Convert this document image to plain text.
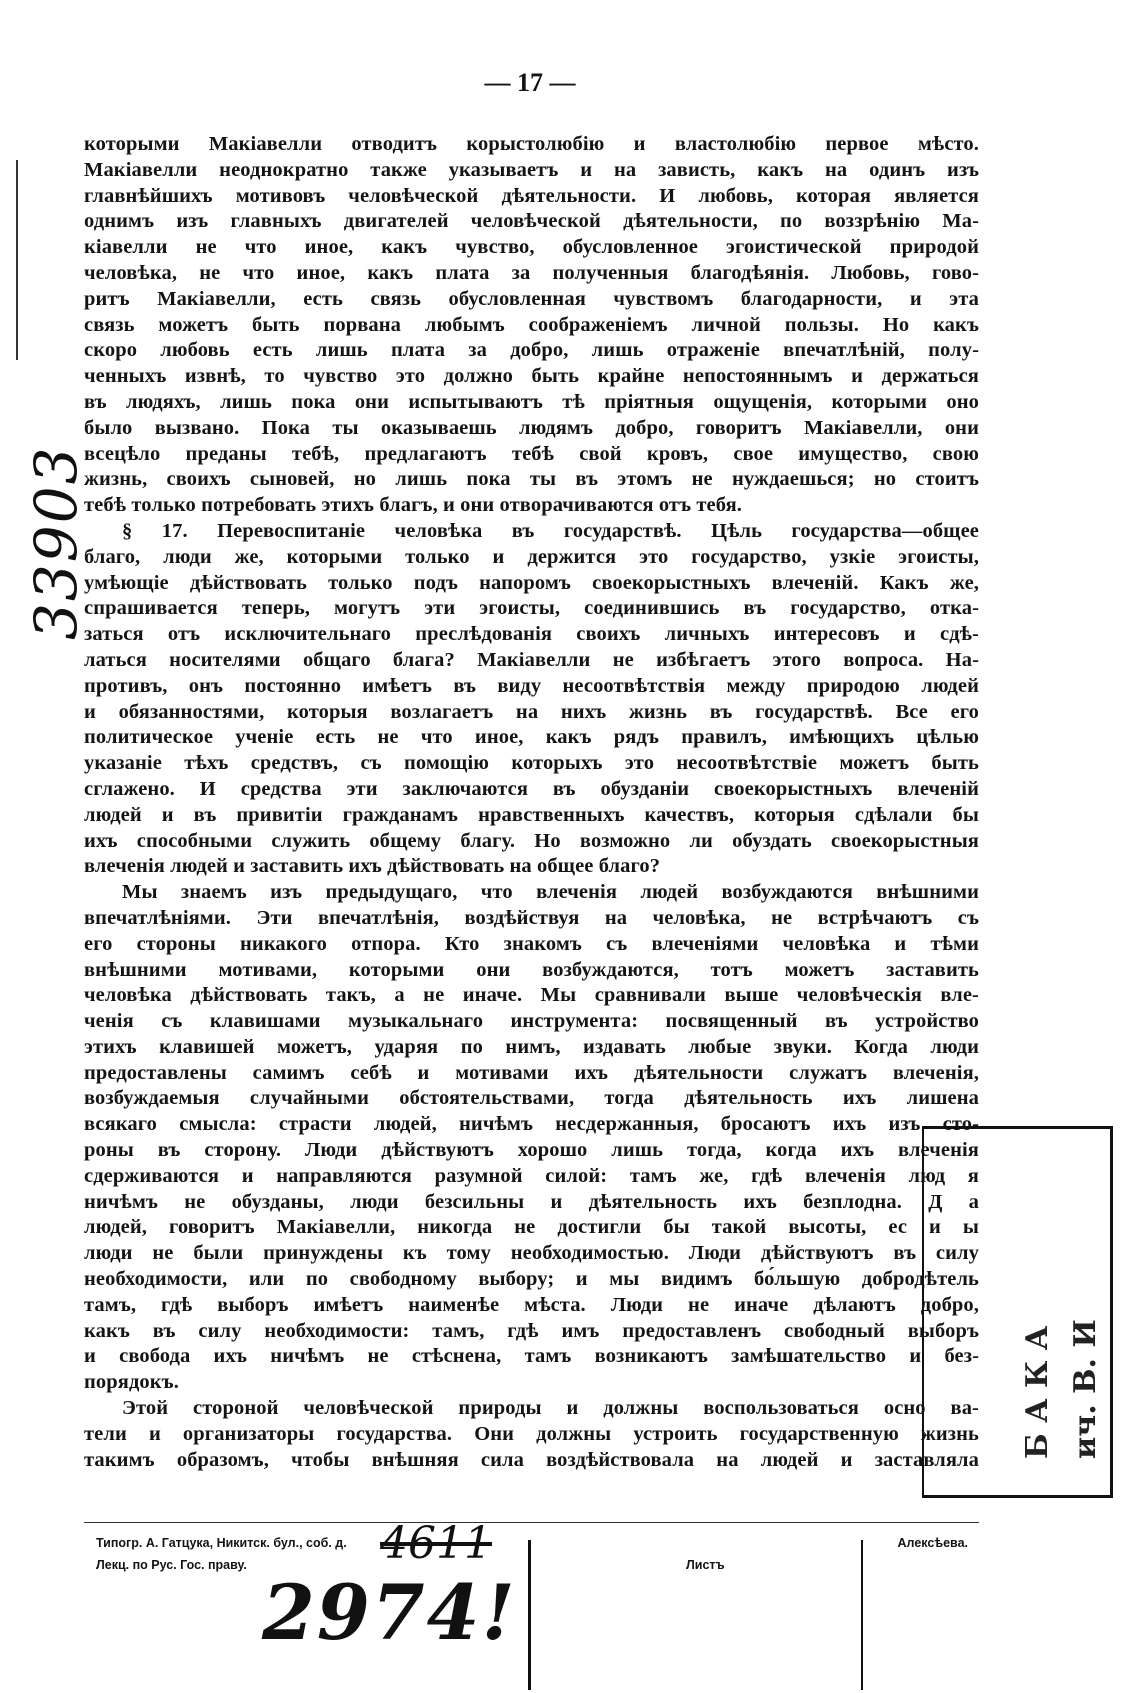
— 17 —
которыми Макіавелли отводитъ корыстолюбію и властолюбію первое мѣсто.
Макіавелли неоднократно также указываетъ и на зависть, какъ на одинъ изъ
главнѣйшихъ мотивовъ человѣческой дѣятельности. И любовь, которая является
однимъ изъ главныхъ двигателей человѣческой дѣятельности, по воззрѣнію Ма-
кіавелли не что иное, какъ чувство, обусловленное эгоистической природой
человѣка, не что иное, какъ плата за полученныя благодѣянія. Любовь, гово-
ритъ Макіавелли, есть связь обусловленная чувствомъ благодарности, и эта
связь можетъ быть порвана любымъ соображеніемъ личной пользы. Но какъ
скоро любовь есть лишь плата за добро, лишь отраженіе впечатлѣній, полу-
ченныхъ извнѣ, то чувство это должно быть крайне непостояннымъ и держаться
въ людяхъ, лишь пока они испытываютъ тѣ пріятныя ощущенія, которыми оно
было вызвано. Пока ты оказываешь людямъ добро, говоритъ Макіавелли, они
всецѣло преданы тебѣ, предлагаютъ тебѣ свой кровъ, свое имущество, свою
жизнь, своихъ сыновей, но лишь пока ты въ этомъ не нуждаешься; но стоитъ
тебѣ только потребовать этихъ благъ, и они отворачиваются отъ тебя.
§ 17. Перевоспитаніе человѣка въ государствѣ. Цѣль государства—общее
благо, люди же, которыми только и держится это государство, узкіе эгоисты,
умѣющіе дѣйствовать только подъ напоромъ своекорыстныхъ влеченій. Какъ же,
спрашивается теперь, могутъ эти эгоисты, соединившись въ государство, отка-
заться отъ исключительнаго преслѣдованія своихъ личныхъ интересовъ и сдѣ-
латься носителями общаго блага? Макіавелли не избѣгаетъ этого вопроса. На-
противъ, онъ постоянно имѣетъ въ виду несоотвѣтствія между природою людей
и обязанностями, которыя возлагаетъ на нихъ жизнь въ государствѣ. Все его
политическое ученіе есть не что иное, какъ рядъ правилъ, имѣющихъ цѣлью
указаніе тѣхъ средствъ, съ помощію которыхъ это несоотвѣтствіе можетъ быть
сглажено. И средства эти заключаются въ обузданіи своекорыстныхъ влеченій
людей и въ привитіи гражданамъ нравственныхъ качествъ, которыя сдѣлали бы
ихъ способными служить общему благу. Но возможно ли обуздать своекорыстныя
влеченія людей и заставить ихъ дѣйствовать на общее благо?
Мы знаемъ изъ предыдущаго, что влеченія людей возбуждаются внѣшними
впечатлѣніями. Эти впечатлѣнія, воздѣйствуя на человѣка, не встрѣчаютъ съ
его стороны никакого отпора. Кто знакомъ съ влеченіями человѣка и тѣми
внѣшними мотивами, которыми они возбуждаются, тотъ можетъ заставить
человѣка дѣйствовать такъ, а не иначе. Мы сравнивали выше человѣческія вле-
ченія съ клавишами музыкальнаго инструмента: посвященный въ устройство
этихъ клавишей можетъ, ударяя по нимъ, издавать любые звуки. Когда люди
предоставлены самимъ себѣ и мотивами ихъ дѣятельности служатъ влеченія,
возбуждаемыя случайными обстоятельствами, тогда дѣятельность ихъ лишена
всякаго смысла: страсти людей, ничѣмъ несдержанныя, бросаютъ ихъ изъ сто-
роны въ сторону. Люди дѣйствуютъ хорошо лишь тогда, когда ихъ влеченія
сдерживаются и направляются разумной силой: тамъ же, гдѣ влеченія люд я
ничѣмъ не обузданы, люди безсильны и дѣятельность ихъ безплодна. Д а
людей, говоритъ Макіавелли, никогда не достигли бы такой высоты, ес и ы
люди не были принуждены къ тому необходимостью. Люди дѣйствуютъ въ силу
необходимости, или по свободному выбору; и мы видимъ бо́льшую добродѣтель
тамъ, гдѣ выборъ имѣетъ наименѣе мѣста. Люди не иначе дѣлаютъ добро,
какъ въ силу необходимости: тамъ, гдѣ имъ предоставленъ свободный выборъ
и свобода ихъ ничѣмъ не стѣснена, тамъ возникаютъ замѣшательство и без-
порядокъ.
Этой стороной человѣческой природы и должны воспользоваться осно ва-
тели и организаторы государства. Они должны устроить государственную жизнь
такимъ образомъ, чтобы внѣшняя сила воздѣйствовала на людей и заставляла
33903
Б А К А ич. В. И
Типогр. А. Гатцука, Никитск. бул., соб. д.	Алексѣева.
Лекц. по Рус. Гос. праву.	Листъ
4611
2974!
